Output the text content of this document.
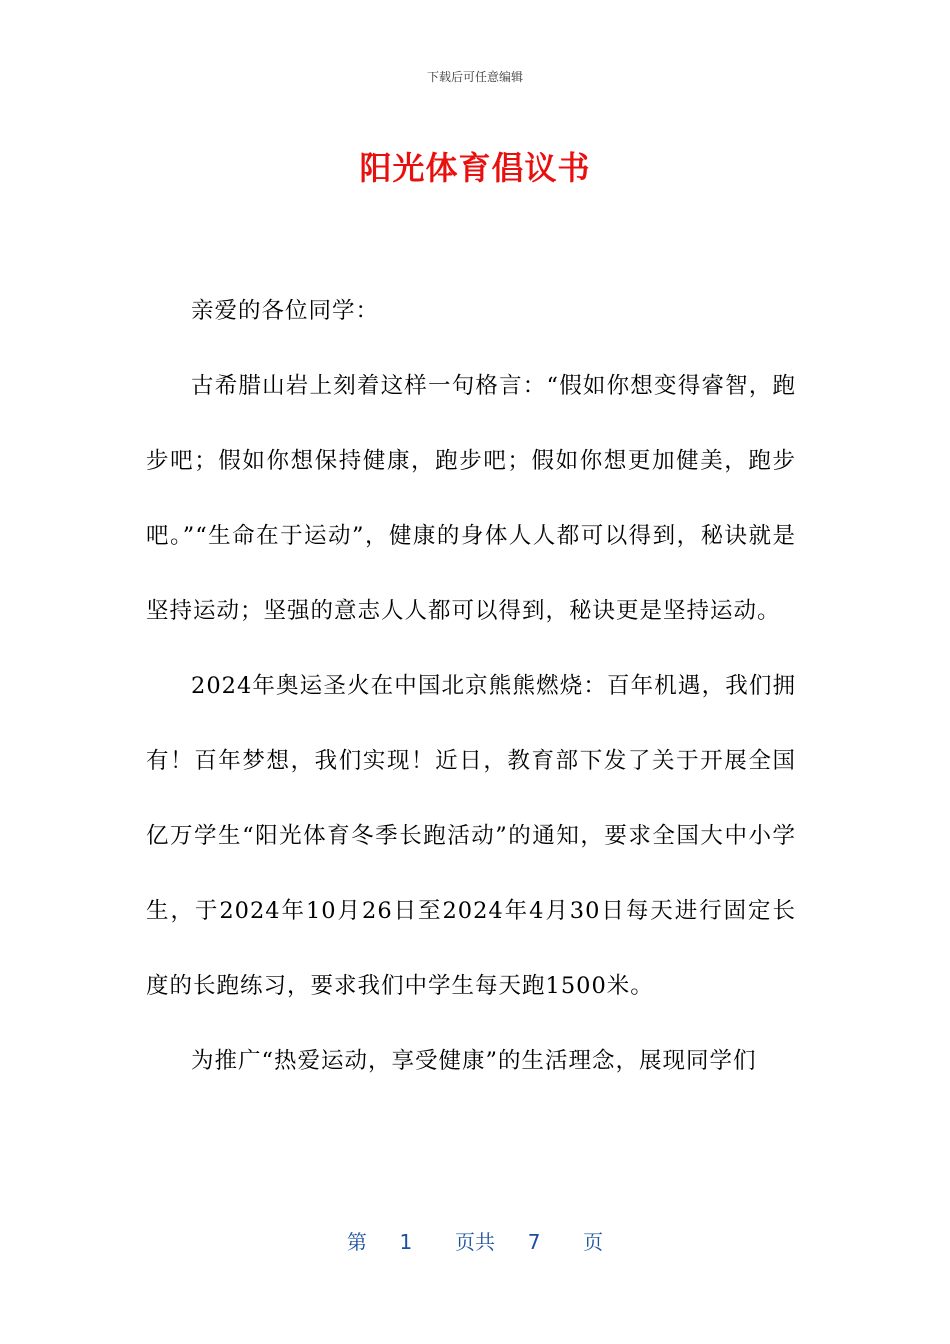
下载后可任意编辑
阳光体育倡议书

亲爱的各位同学：

古希腊山岩上刻着这样一句格言：“假如你想变得睿智，跑步吧；假如你想保持健康，跑步吧；假如你想更加健美，跑步吧。”“生命在于运动”，健康的身体人人都可以得到，秘诀就是坚持运动；坚强的意志人人都可以得到，秘诀更是坚持运动。

2024年奥运圣火在中国北京熊熊燃烧：百年机遇，我们拥有！百年梦想，我们实现！近日，教育部下发了关于开展全国亿万学生“阳光体育冬季长跑活动”的通知，要求全国大中小学生，于2024年10月26日至2024年4月30日每天进行固定长度的长跑练习，要求我们中学生每天跑1500米。

为推广“热爱运动，享受健康”的生活理念，展现同学们

第 1 页共 7 页
